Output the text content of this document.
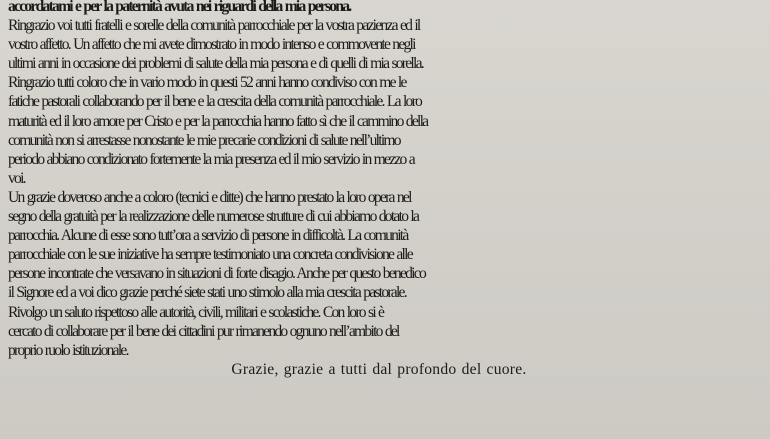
accordatami e per la paternità avuta nei riguardi della mia persona.
Ringrazio voi tutti fratelli e sorelle della comunità parrocchiale per la vostra pazienza ed il
vostro affetto. Un affetto che mi avete dimostrato in modo intenso e commovente negli
ultimi anni in occasione dei problemi di salute della mia persona e di quelli di mia sorella.
Ringrazio tutti coloro che in vario modo in questi 52 anni hanno condiviso con me le
fatiche pastorali collaborando per il bene e la crescita della comunità parrocchiale. La loro
maturità ed il loro amore per Cristo e per la parrocchia hanno fatto sì che il cammino della
comunità non si arrestasse nonostante le mie precarie condizioni di salute nell’ultimo
periodo abbiano condizionato fortemente la mia presenza ed il mio servizio in mezzo a
voi.
Un grazie doveroso anche a coloro (tecnici e ditte) che hanno prestato la loro opera nel
segno della gratuità per la realizzazione delle numerose strutture di cui abbiamo dotato la
parrocchia. Alcune di esse sono tutt’ora a servizio di persone in difficoltà. La comunità
parrocchiale con le sue iniziative ha sempre testimoniato una concreta condivisione alle
persone incontrate che versavano in situazioni di forte disagio. Anche per questo benedico
il Signore ed a voi dico grazie perché siete stati uno stimolo alla mia crescita pastorale.
Rivolgo un saluto rispettoso alle autorità, civili, militari e scolastiche. Con loro si è
cercato di collaborare per il bene dei cittadini pur rimanendo ognuno nell’ambito del
proprio ruolo istituzionale.
Grazie, grazie a tutti dal profondo del cuore.
